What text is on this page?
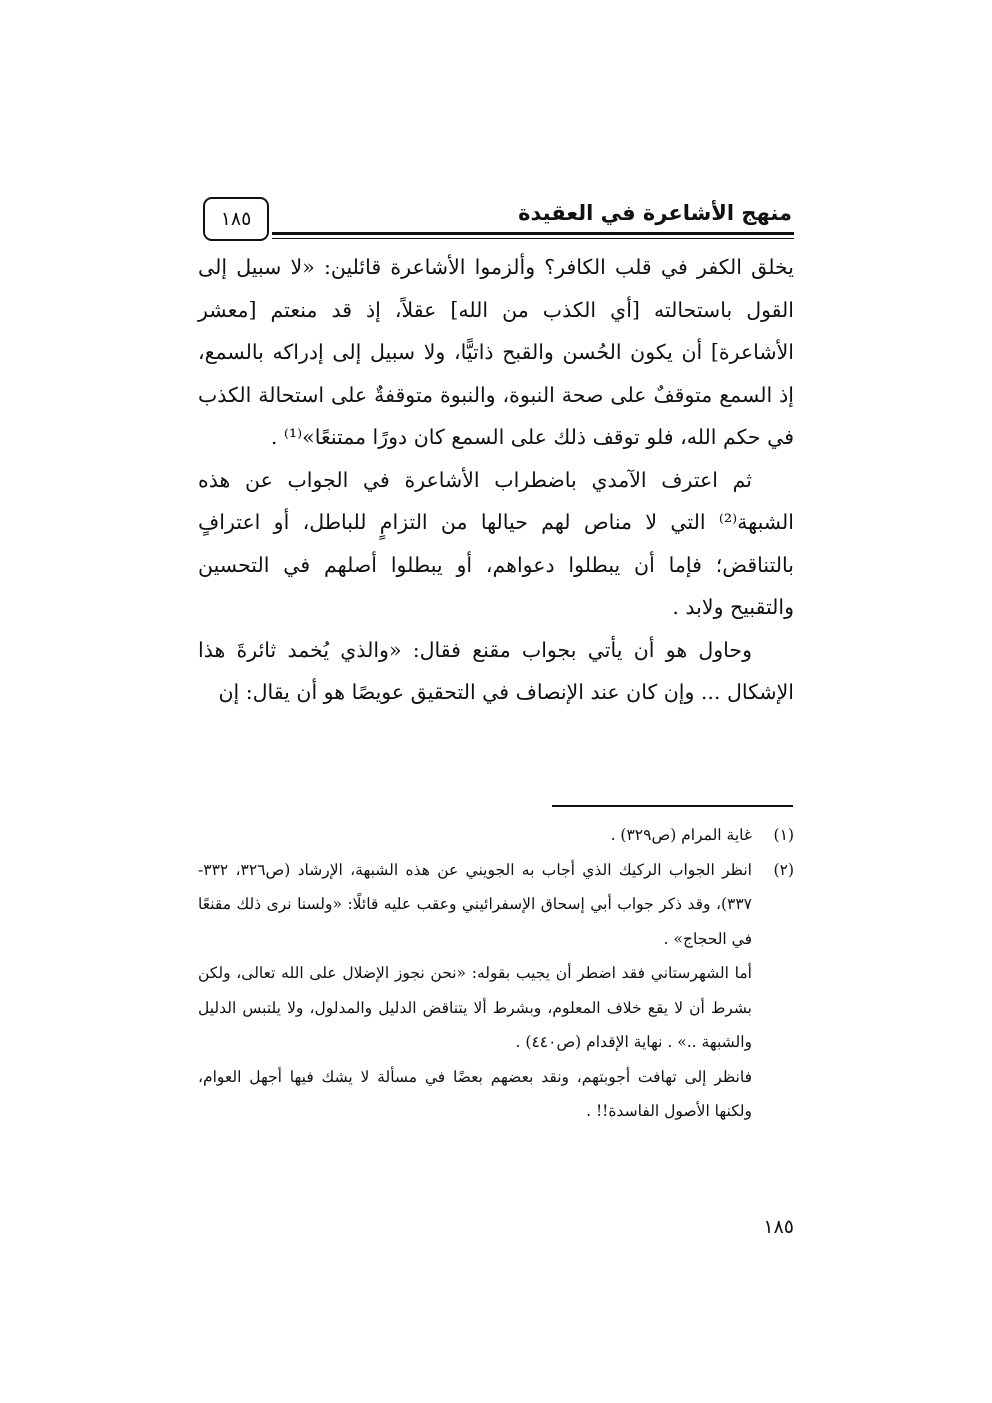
منهج الأشاعرة في العقيدة
١٨٥

يخلق الكفر في قلب الكافر؟ وألزموا الأشاعرة قائلين: «لا سبيل إلى القول باستحالته [أي الكذب من الله] عقلاً، إذ قد منعتم [معشر الأشاعرة] أن يكون الحُسن والقبح ذاتيًّا، ولا سبيل إلى إدراكه بالسمع، إذ السمع متوقفٌ على صحة النبوة، والنبوة متوقفةٌ على استحالة الكذب في حكم الله، فلو توقف ذلك على السمع كان دورًا ممتنعًا»⁽¹⁾ .

ثم اعترف الآمدي باضطراب الأشاعرة في الجواب عن هذه الشبهة⁽²⁾ التي لا مناص لهم حيالها من التزامٍ للباطل، أو اعترافٍ بالتناقض؛ فإما أن يبطلوا دعواهم، أو يبطلوا أصلهم في التحسين والتقبيح ولابد .

وحاول هو أن يأتي بجواب مقنع فقال: «والذي يُخمد ثائرةَ هذا الإشكال ... وإن كان عند الإنصاف في التحقيق عويصًا هو أن يقال: إن

(١)
غاية المرام (ص٣٢٩) .
(٢)
انظر الجواب الركيك الذي أجاب به الجويني عن هذه الشبهة، الإرشاد (ص٣٢٦، ٣٣٢- ٣٣٧)، وقد ذكر جواب أبي إسحاق الإسفرائيني وعقب عليه قائلًا: «ولسنا نرى ذلك مقنعًا في الحجاج» .
أما الشهرستاني فقد اضطر أن يجيب بقوله: «نحن نجوز الإضلال على الله تعالى، ولكن بشرط أن لا يقع خلاف المعلوم، وبشرط ألا يتناقض الدليل والمدلول، ولا يلتبس الدليل والشبهة ..» . نهاية الإقدام (ص٤٤٠) .
فانظر إلى تهافت أجوبتهم، ونقد بعضهم بعضًا في مسألة لا يشك فيها أجهل العوام، ولكنها الأصول الفاسدة!! .
١٨٥
